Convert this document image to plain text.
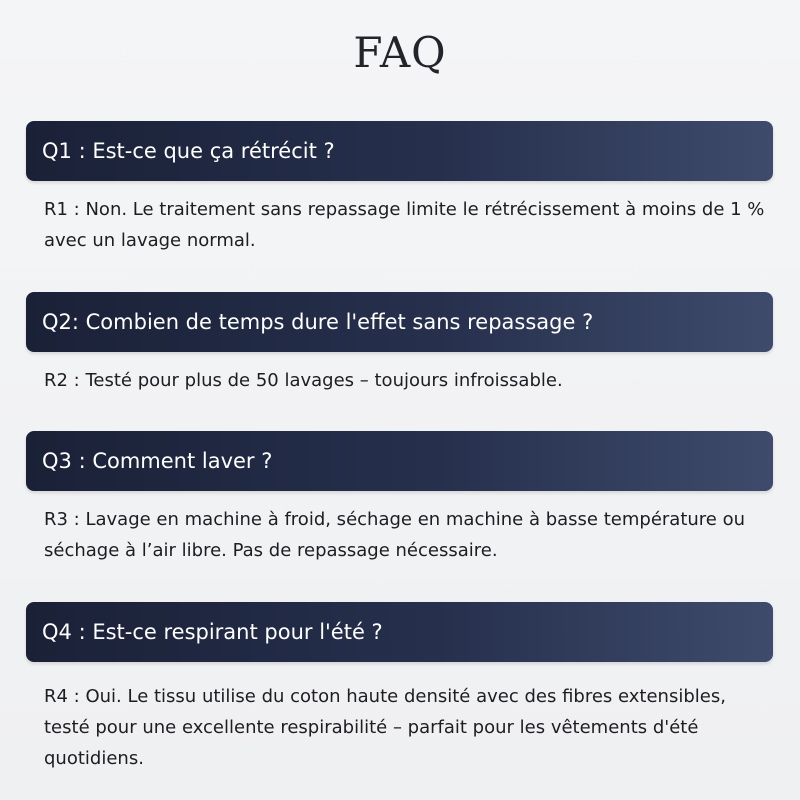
FAQ
Q1 : Est-ce que ça rétrécit ?
R1 : Non. Le traitement sans repassage limite le rétrécissement à moins de 1 % avec un lavage normal.
Q2: Combien de temps dure l'effet sans repassage ?
R2 : Testé pour plus de 50 lavages – toujours infroissable.
Q3 : Comment laver ?
R3 : Lavage en machine à froid, séchage en machine à basse température ou séchage à l’air libre. Pas de repassage nécessaire.
Q4 : Est-ce respirant pour l'été ?
R4 : Oui. Le tissu utilise du coton haute densité avec des fibres extensibles, testé pour une excellente respirabilité – parfait pour les vêtements d'été quotidiens.
